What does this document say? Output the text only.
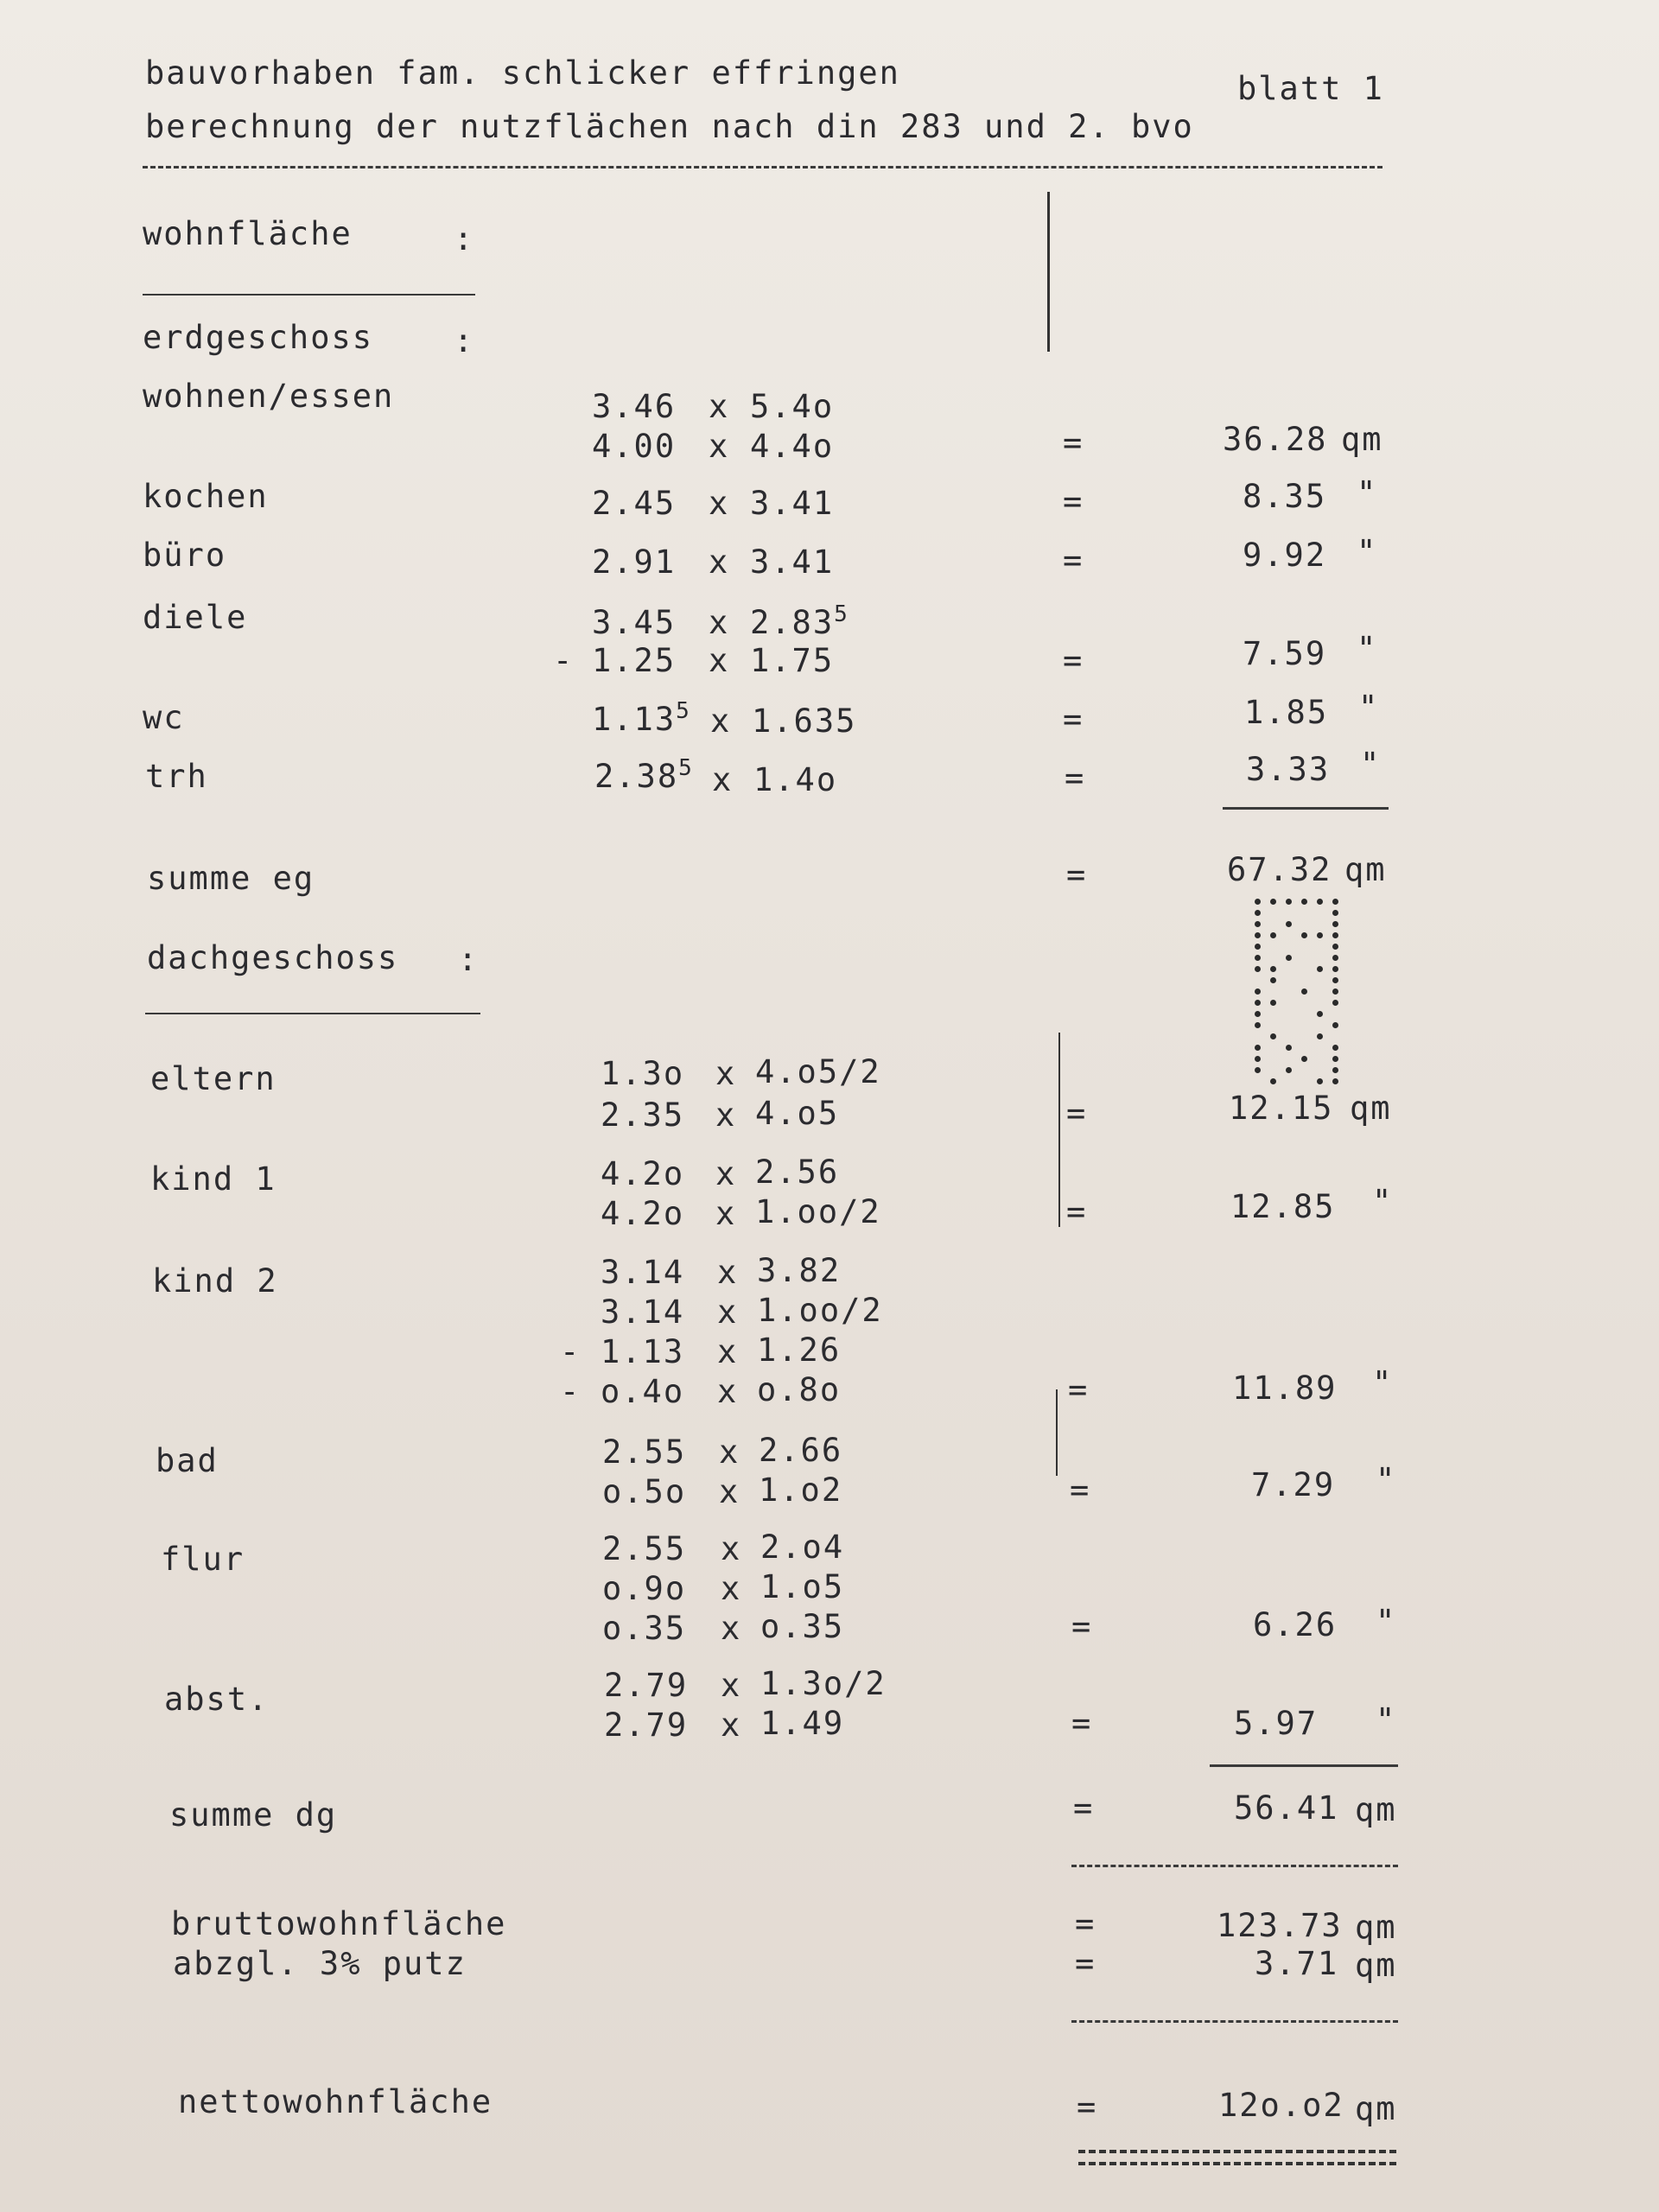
bauvorhaben fam. schlicker effringen
berechnung der nutzflächen nach din 283 und 2. bvo
blatt 1
wohnfläche	:
erdgeschoss	:
wohnen/essen	3.46 x 5.4o
4.00 x 4.4o	=	36.28 qm
kochen	2.45 x 3.41	=	8.35 "
büro	2.91 x 3.41	=	9.92 "
diele	3.45 x 2.83$^5$
- 1.25 x 1.75	=	7.59 "
wc	1.13$^5$ x 1.635	=	1.85 "
trh	2.38$^5$ x 1.4o	=	3.33 "
summe eg	=	67.32 qm
dachgeschoss :
eltern	1.3o x 4.o5/2
2.35 x 4.o5	=	12.15 qm
kind 1	4.2o x 2.56
4.2o x 1.oo/2	=	12.85 "
kind 2	3.14 x 3.82
3.14 x 1.oo/2
- 1.13 x 1.26
- o.4o x o.8o	=	11.89 "
bad	2.55 x 2.66
o.5o x 1.o2	=	7.29 "
flur	2.55 x 2.o4
o.9o x 1.o5
o.35 x o.35	=	6.26 "
abst.	2.79 x 1.3o/2
2.79 x 1.49	=	5.97 "
summe dg	=	56.41 qm
bruttowohnfläche	=	123.73 qm
abzgl. 3% putz	=	3.71 qm
nettowohnfläche	=	12o.o2 qm
